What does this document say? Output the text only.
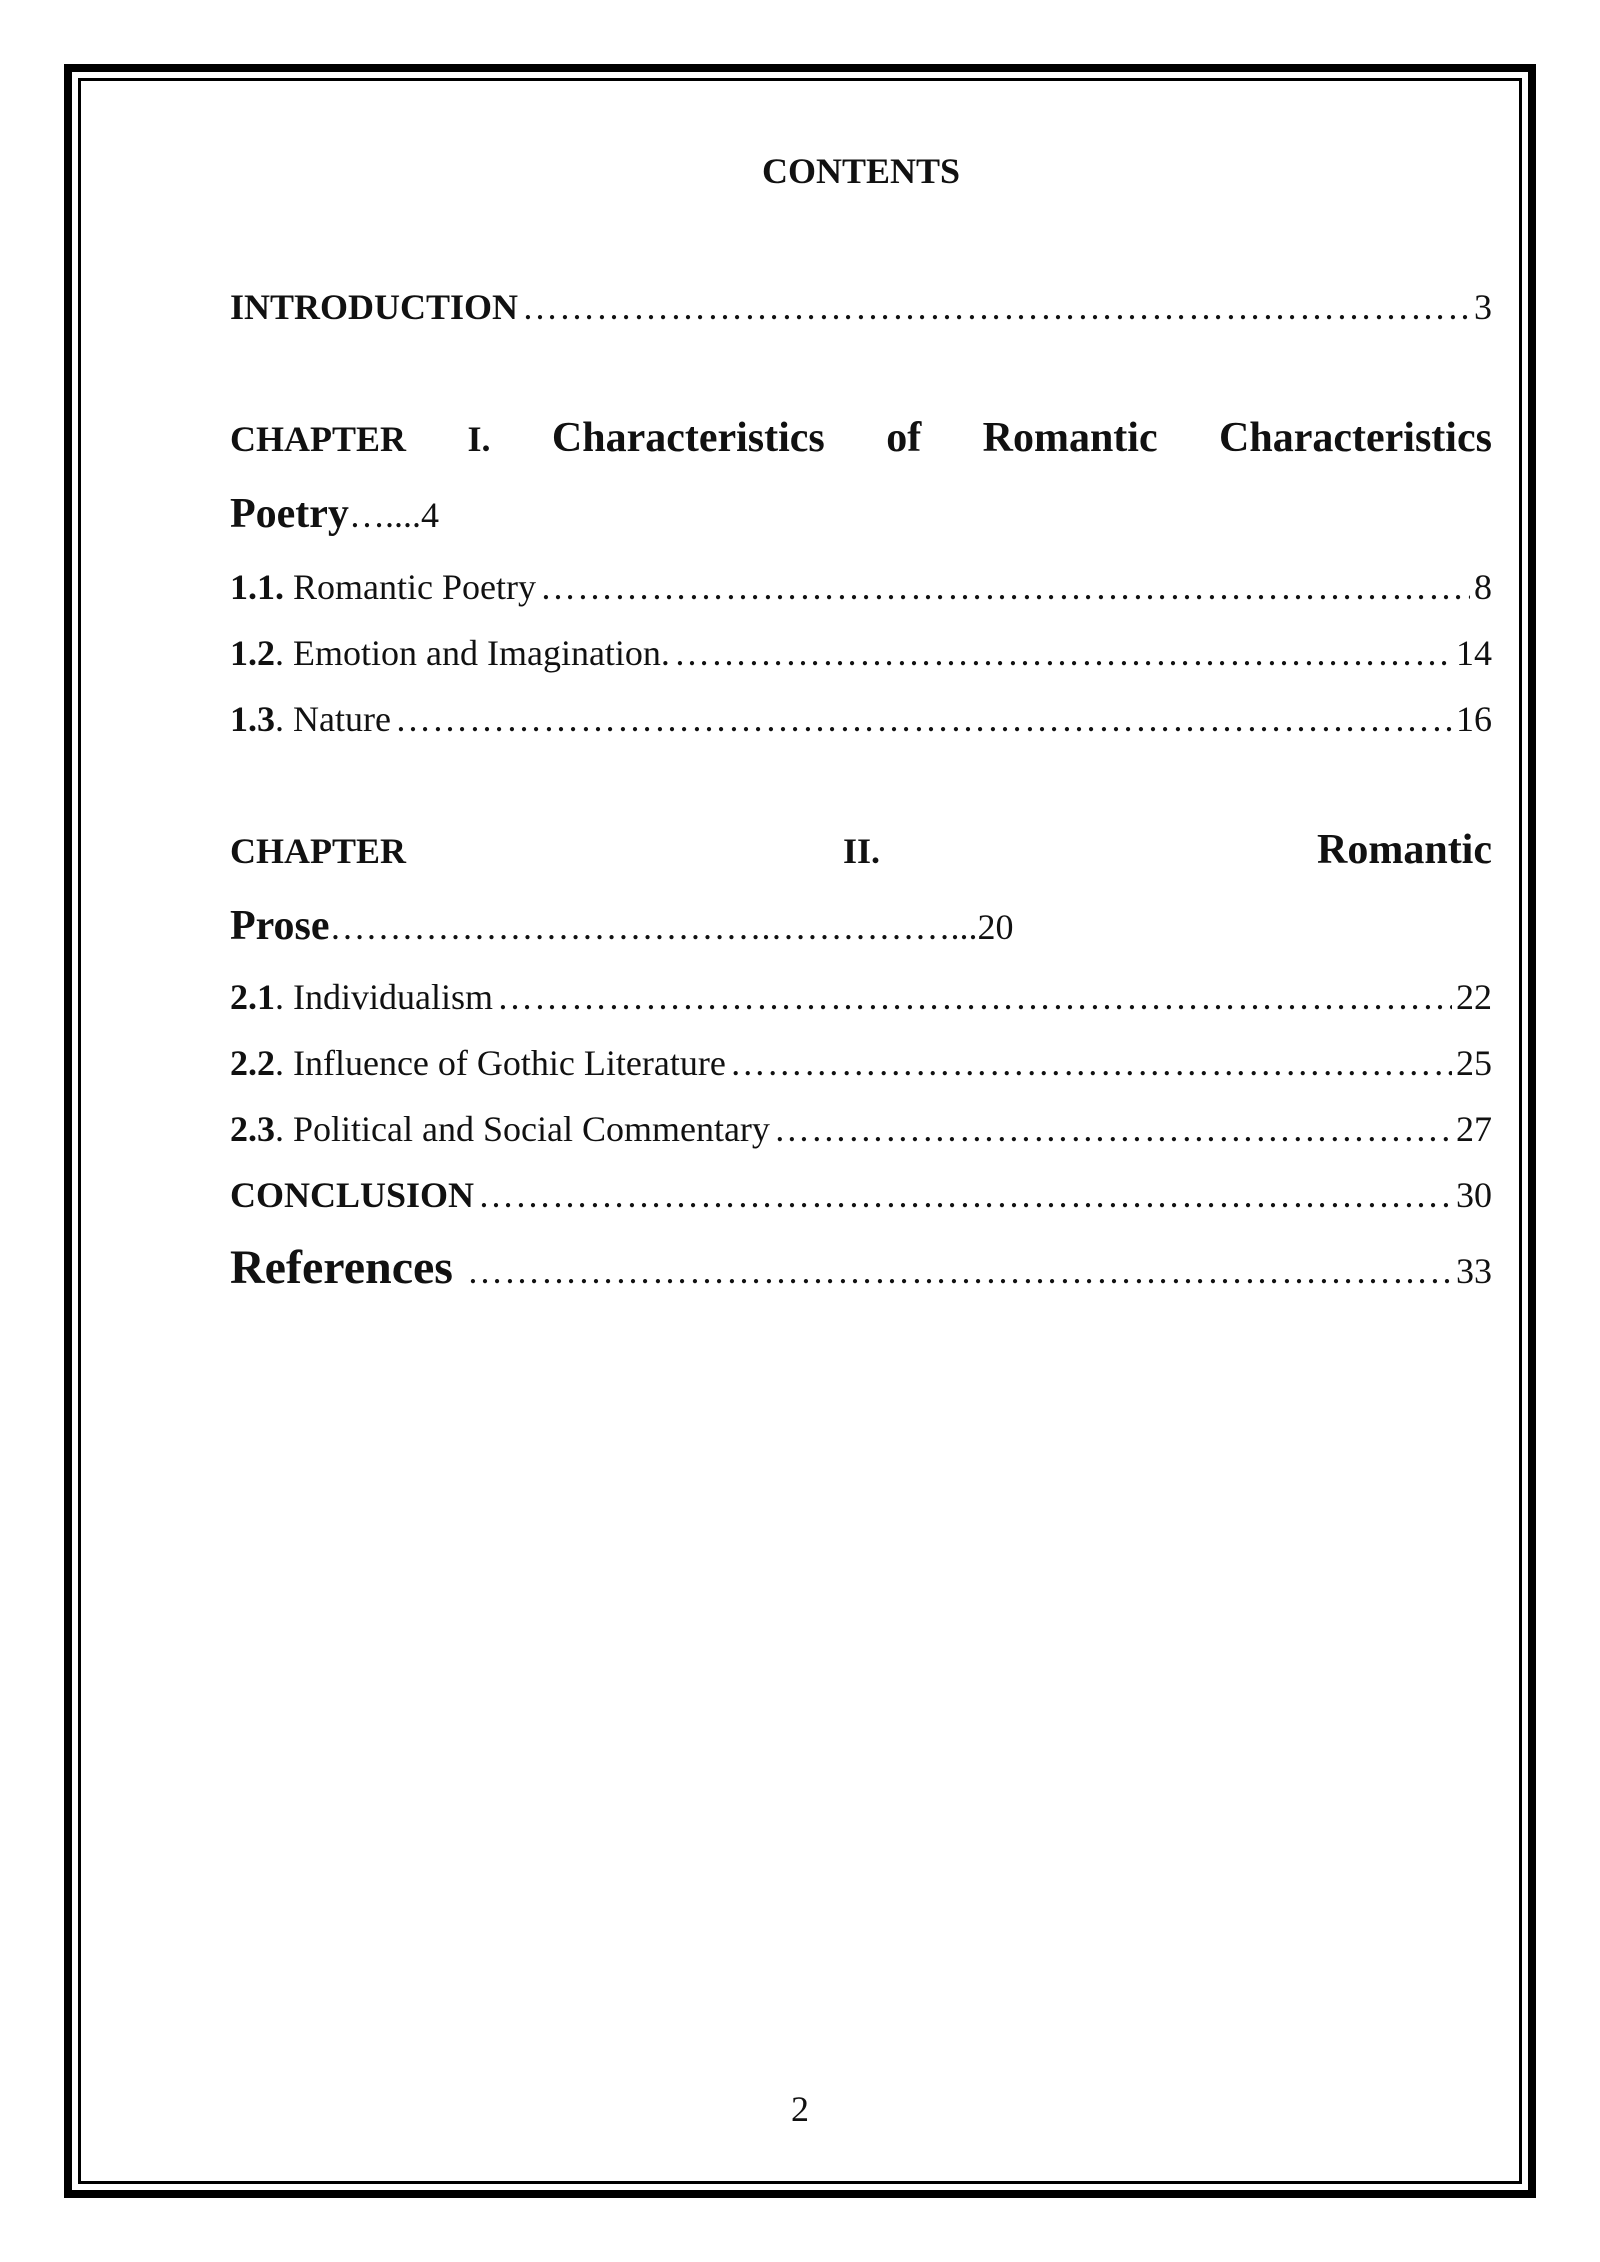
CONTENTS
INTRODUCTION ……………………………………………………………………………………………………………………………………………………………………………………………………………………	3
CHAPTER I. Characteristics of Romantic Characteristics
Poetry …....4
1.1. Romantic Poetry ……………………………………………………………………………………………………………………………………………………………………………………………………………………	8
1.2. Emotion and Imagination. ……………………………………………………………………………………………………………………………………………………………………………………………………………………	14
1.3. Nature ……………………………………………………………………………………………………………………………………………………………………………………………………………………	16
CHAPTER	II.	Romantic
Prose ……………………………….……………...20
2.1. Individualism ……………………………………………………………………………………………………………………………………………………………………………………………………………………	22
2.2. Influence of Gothic Literature ……………………………………………………………………………………………………………………………………………………………………………………………………………………	25
2.3. Political and Social Commentary ……………………………………………………………………………………………………………………………………………………………………………………………………………………	27
CONCLUSION ……………………………………………………………………………………………………………………………………………………………………………………………………………………	30
References ………………………………………………………………………………………………………………………………………………………………	33
2
